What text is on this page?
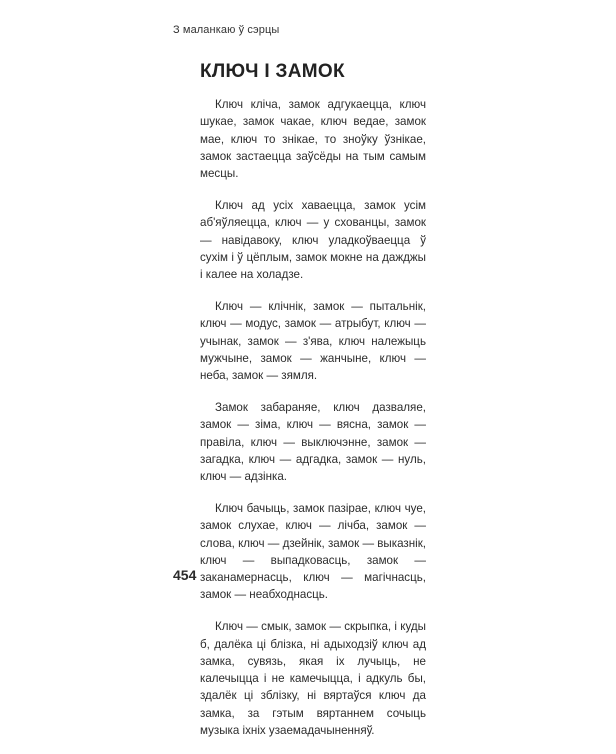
З маланкаю ў сэрцы
КЛЮЧ І ЗАМОК

Ключ кліча, замок адгукаецца, ключ шукае, замок чакае, ключ ведае, замок мае, ключ то знікае, то зноўку ўзнікае, замок застаецца заўсёды на тым самым месцы.

Ключ ад усіх хаваецца, замок усім аб'яўляецца, ключ — у схованцы, замок — навідавоку, ключ уладкоўваецца ў сухім і ў цёплым, замок мокне на дажджы і калее на холадзе.

Ключ — клічнік, замок — пытальнік, ключ — модус, замок — атрыбут, ключ — учынак, замок — з'ява, ключ належыць мужчыне, замок — жанчыне, ключ — неба, замок — зямля.

Замок забараняе, ключ дазваляе, замок — зіма, ключ — вясна, замок — правіла, ключ — выключэнне, замок — загадка, ключ — адгадка, замок — нуль, ключ — адзінка.

Ключ бачыць, замок пазірае, ключ чуе, замок слухае, ключ — лічба, замок — слова, ключ — дзейнік, замок — выказнік, ключ — выпадковасць, замок — заканамернасць, ключ — магічнасць, замок — неабходнасць.

Ключ — смык, замок — скрыпка, і куды б, далёка ці блізка, ні адыходзіў ключ ад замка, сувязь, якая іх лучыць, не калечыцца і не камечыцца, і адкуль бы, здалёк ці зблізку, ні вяртаўся ключ да замка, за гэтым вяртаннем сочыць музыка іхніх узаемадачыненняў.

454
